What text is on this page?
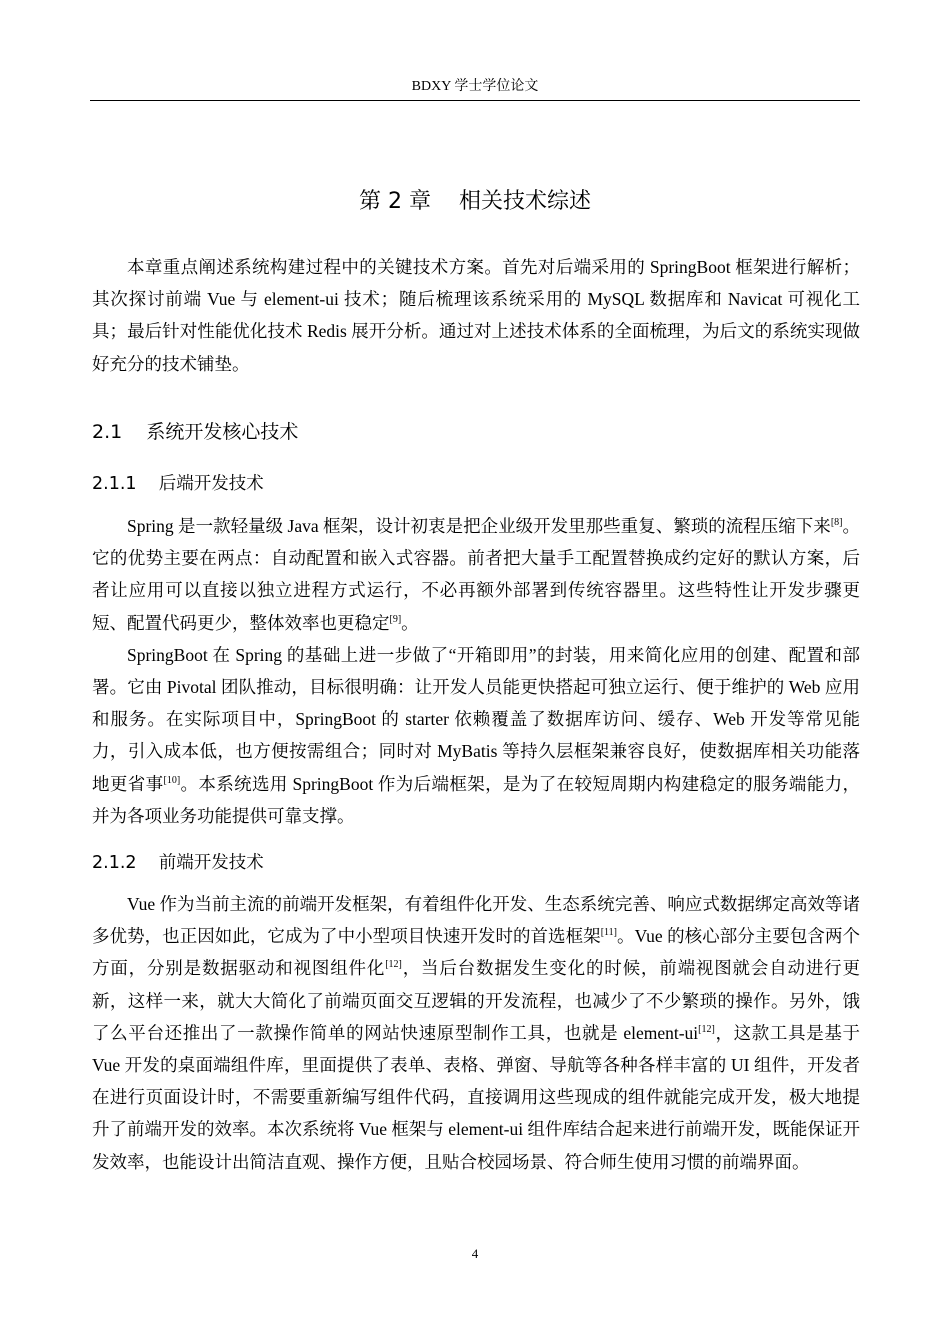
BDXY 学士学位论文
第 2 章    相关技术综述

本章重点阐述系统构建过程中的关键技术方案。首先对后端采用的 SpringBoot 框架进行解析；其次探讨前端 Vue 与 element-ui 技术；随后梳理该系统采用的 MySQL 数据库和 Navicat 可视化工具；最后针对性能优化技术 Redis 展开分析。通过对上述技术体系的全面梳理，为后文的系统实现做好充分的技术铺垫。

2.1    系统开发核心技术
2.1.1    后端开发技术

Spring 是一款轻量级 Java 框架，设计初衷是把企业级开发里那些重复、繁琐的流程压缩下来[8]。它的优势主要在两点：自动配置和嵌入式容器。前者把大量手工配置替换成约定好的默认方案，后者让应用可以直接以独立进程方式运行，不必再额外部署到传统容器里。这些特性让开发步骤更短、配置代码更少，整体效率也更稳定[9]。

SpringBoot 在 Spring 的基础上进一步做了“开箱即用”的封装，用来简化应用的创建、配置和部署。它由 Pivotal 团队推动，目标很明确：让开发人员能更快搭起可独立运行、便于维护的 Web 应用和服务。在实际项目中，SpringBoot 的 starter 依赖覆盖了数据库访问、缓存、Web 开发等常见能力，引入成本低，也方便按需组合；同时对 MyBatis 等持久层框架兼容良好，使数据库相关功能落地更省事[10]。本系统选用 SpringBoot 作为后端框架，是为了在较短周期内构建稳定的服务端能力，并为各项业务功能提供可靠支撑。

2.1.2    前端开发技术

Vue 作为当前主流的前端开发框架，有着组件化开发、生态系统完善、响应式数据绑定高效等诸多优势，也正因如此，它成为了中小型项目快速开发时的首选框架[11]。Vue 的核心部分主要包含两个方面，分别是数据驱动和视图组件化[12]，当后台数据发生变化的时候，前端视图就会自动进行更新，这样一来，就大大简化了前端页面交互逻辑的开发流程，也减少了不少繁琐的操作。另外，饿了么平台还推出了一款操作简单的网站快速原型制作工具，也就是 element-ui[12]，这款工具是基于 Vue 开发的桌面端组件库，里面提供了表单、表格、弹窗、导航等各种各样丰富的 UI 组件，开发者在进行页面设计时，不需要重新编写组件代码，直接调用这些现成的组件就能完成开发，极大地提升了前端开发的效率。本次系统将 Vue 框架与 element-ui 组件库结合起来进行前端开发，既能保证开发效率，也能设计出简洁直观、操作方便，且贴合校园场景、符合师生使用习惯的前端界面。

4
